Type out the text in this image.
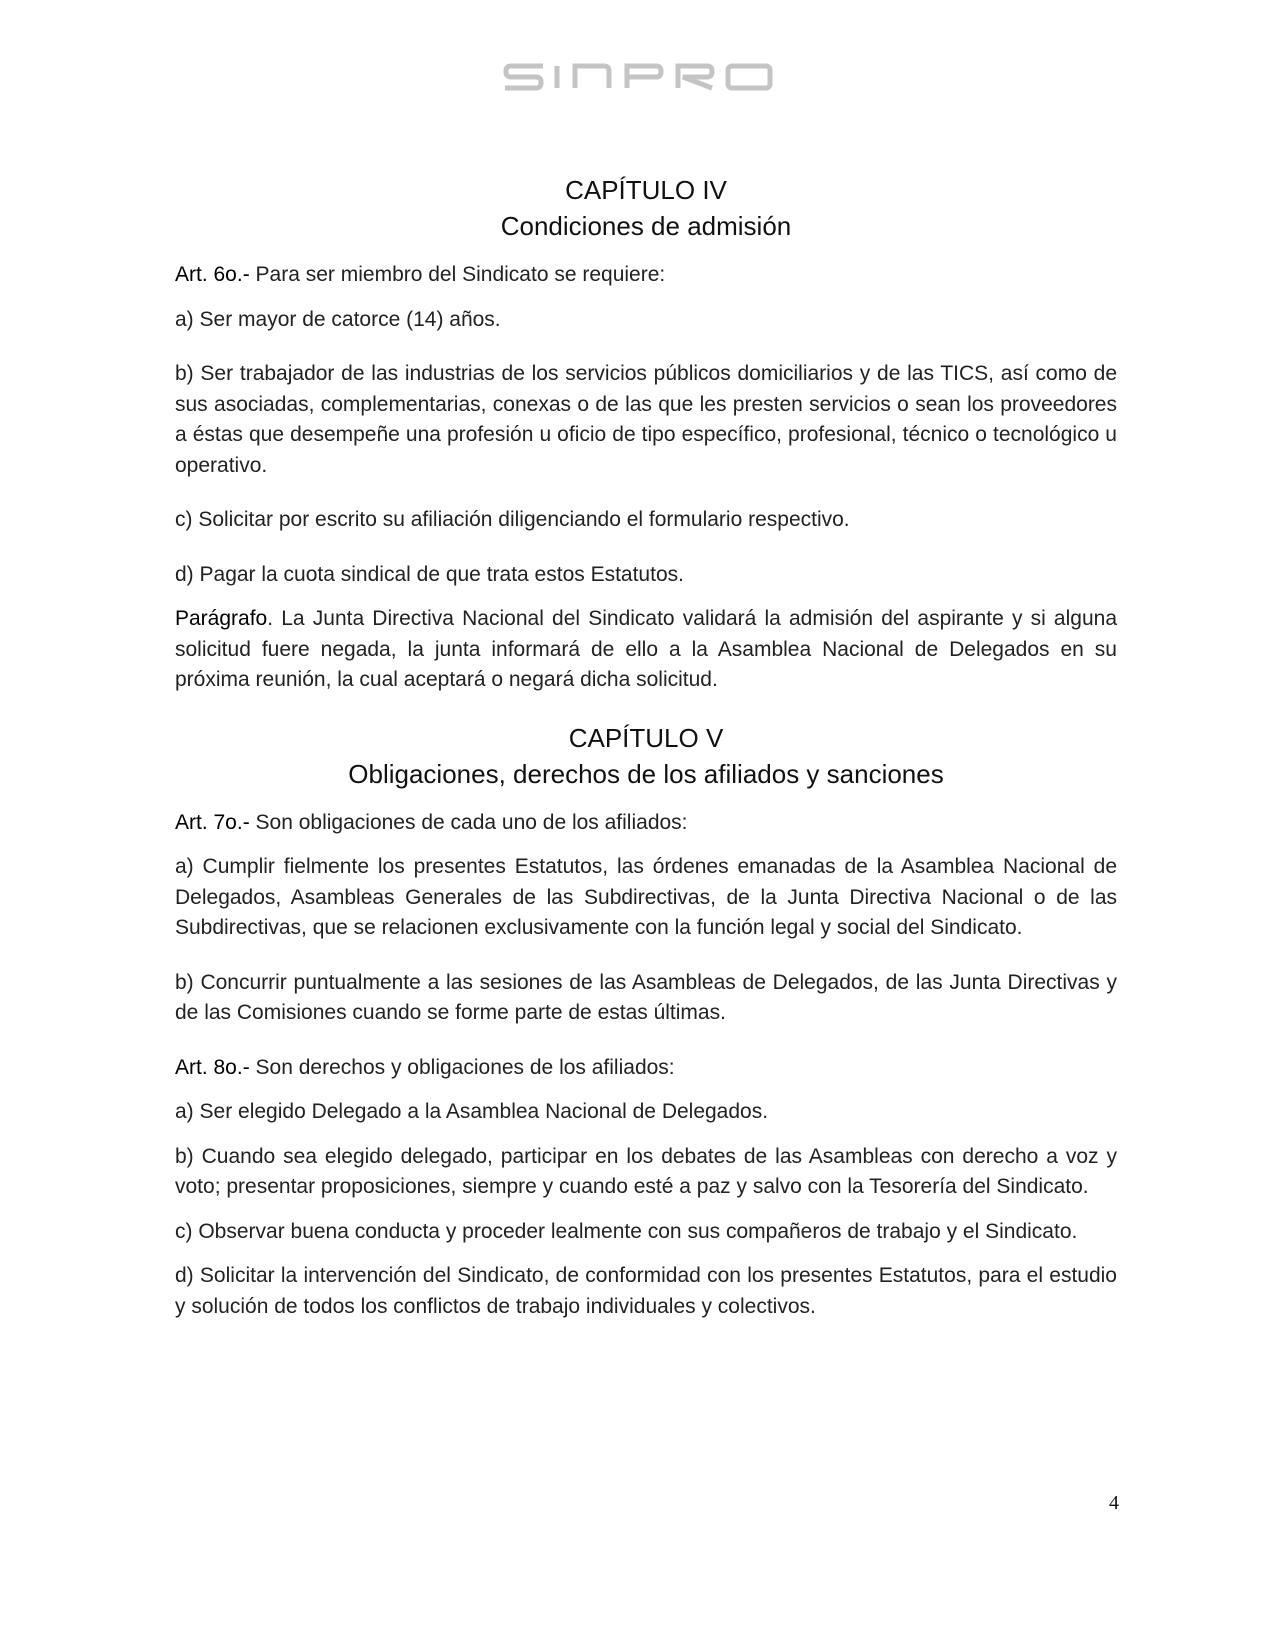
CAPÍTULO IV
Condiciones de admisión

Art. 6o.- Para ser miembro del Sindicato se requiere:

a) Ser mayor de catorce (14) años.

b) Ser trabajador de las industrias de los servicios públicos domiciliarios y de las TICS, así como de sus asociadas, complementarias, conexas o de las que les presten servicios o sean los proveedores a éstas que desempeñe una profesión u oficio de tipo específico, profesional, técnico o tecnológico u operativo.

c) Solicitar por escrito su afiliación diligenciando el formulario respectivo.

d) Pagar la cuota sindical de que trata estos Estatutos.

Parágrafo. La Junta Directiva Nacional del Sindicato validará la admisión del aspirante y si alguna solicitud fuere negada, la junta informará de ello a la Asamblea Nacional de Delegados en su próxima reunión, la cual aceptará o negará dicha solicitud.

CAPÍTULO V
Obligaciones, derechos de los afiliados y sanciones

Art. 7o.- Son obligaciones de cada uno de los afiliados:

a) Cumplir fielmente los presentes Estatutos, las órdenes emanadas de la Asamblea Nacional de Delegados, Asambleas Generales de las Subdirectivas, de la Junta Directiva Nacional o de las Subdirectivas, que se relacionen exclusivamente con la función legal y social del Sindicato.

b) Concurrir puntualmente a las sesiones de las Asambleas de Delegados, de las Junta Directivas y de las Comisiones cuando se forme parte de estas últimas.

Art. 8o.- Son derechos y obligaciones de los afiliados:

a) Ser elegido Delegado a la Asamblea Nacional de Delegados.

b) Cuando sea elegido delegado, participar en los debates de las Asambleas con derecho a voz y voto; presentar proposiciones, siempre y cuando esté a paz y salvo con la Tesorería del Sindicato.

c) Observar buena conducta y proceder lealmente con sus compañeros de trabajo y el Sindicato.

d) Solicitar la intervención del Sindicato, de conformidad con los presentes Estatutos, para el estudio y solución de todos los conflictos de trabajo individuales y colectivos.

4
